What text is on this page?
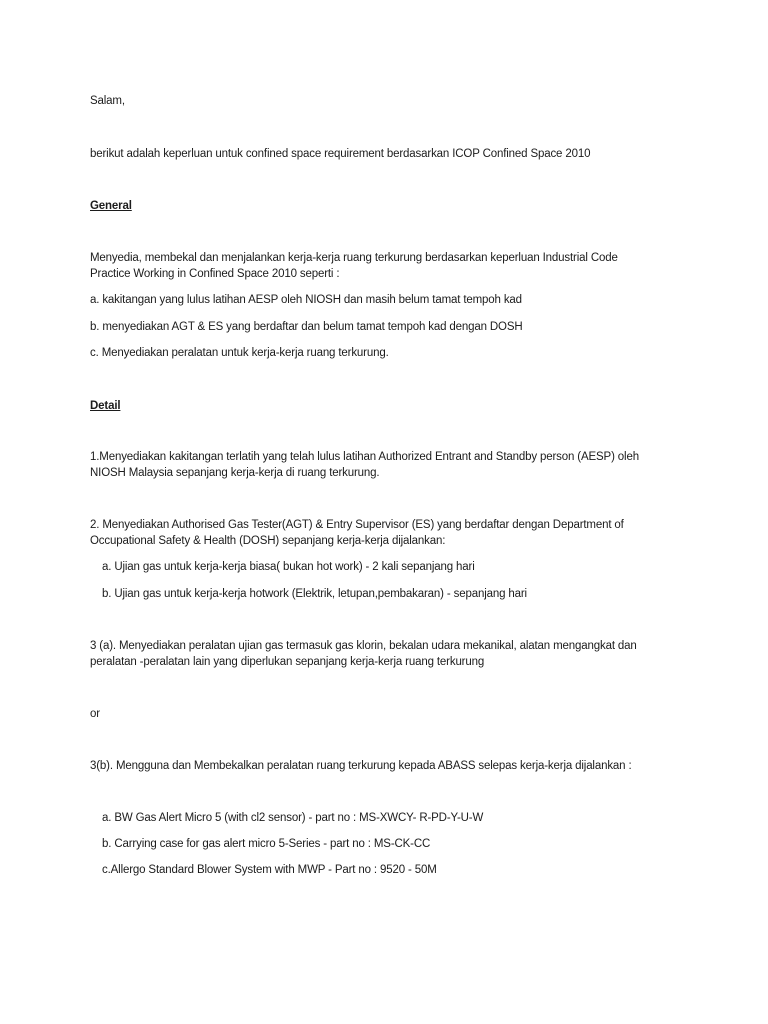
Salam,
berikut adalah keperluan untuk confined space requirement berdasarkan ICOP Confined Space 2010
General
Menyedia, membekal dan menjalankan kerja-kerja ruang terkurung berdasarkan keperluan Industrial Code
Practice Working in Confined Space 2010 seperti :
a. kakitangan yang lulus latihan AESP oleh NIOSH dan masih belum tamat tempoh kad
b. menyediakan AGT & ES yang berdaftar dan belum tamat tempoh kad dengan DOSH
c. Menyediakan peralatan untuk kerja-kerja ruang terkurung.
Detail
1.Menyediakan kakitangan terlatih yang telah lulus latihan Authorized Entrant and Standby person (AESP) oleh
NIOSH Malaysia sepanjang kerja-kerja di ruang terkurung.
2. Menyediakan Authorised Gas Tester(AGT) & Entry Supervisor (ES) yang berdaftar dengan Department of
Occupational Safety & Health (DOSH) sepanjang kerja-kerja dijalankan:
a. Ujian gas untuk kerja-kerja biasa( bukan hot work) - 2 kali sepanjang hari
b. Ujian gas untuk kerja-kerja hotwork (Elektrik, letupan,pembakaran) - sepanjang hari
3 (a). Menyediakan peralatan ujian gas termasuk gas klorin, bekalan udara mekanikal, alatan mengangkat dan
peralatan -peralatan lain yang diperlukan sepanjang kerja-kerja ruang terkurung
or
3(b). Mengguna dan Membekalkan peralatan ruang terkurung kepada ABASS selepas kerja-kerja dijalankan :
a. BW Gas Alert Micro 5 (with cl2 sensor) - part no : MS-XWCY- R-PD-Y-U-W
b. Carrying case for gas alert micro 5-Series - part no : MS-CK-CC
c.Allergo Standard Blower System with MWP - Part no : 9520 - 50M
